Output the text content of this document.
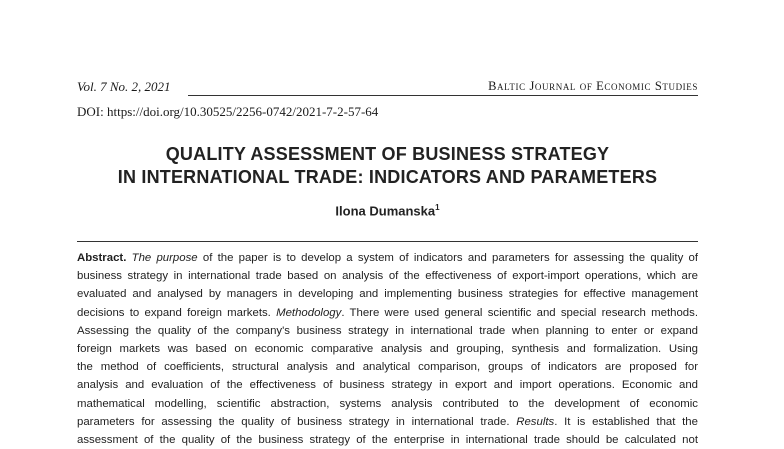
Vol. 7 No. 2, 2021	Baltic Journal of Economic Studies
DOI: https://doi.org/10.30525/2256-0742/2021-7-2-57-64
QUALITY ASSESSMENT OF BUSINESS STRATEGY
IN INTERNATIONAL TRADE: INDICATORS AND PARAMETERS
Ilona Dumanska$^1$
Abstract. The purpose of the paper is to develop a system of indicators and parameters for assessing the quality of
business strategy in international trade based on analysis of the effectiveness of export-import operations, which are
evaluated and analysed by managers in developing and implementing business strategies for effective management
decisions to expand foreign markets. Methodology. There were used general scientific and special research methods.
Assessing the quality of the company's business strategy in international trade when planning to enter or expand
foreign markets was based on economic comparative analysis and grouping, synthesis and formalization. Using
the method of coefficients, structural analysis and analytical comparison, groups of indicators are proposed for
analysis and evaluation of the effectiveness of business strategy in export and import operations. Economic and
mathematical modelling, scientific abstraction, systems analysis contributed to the development of economic
parameters for assessing the quality of business strategy in international trade. Results. It is established that the
assessment of the quality of the business strategy of the enterprise in international trade should be calculated not
